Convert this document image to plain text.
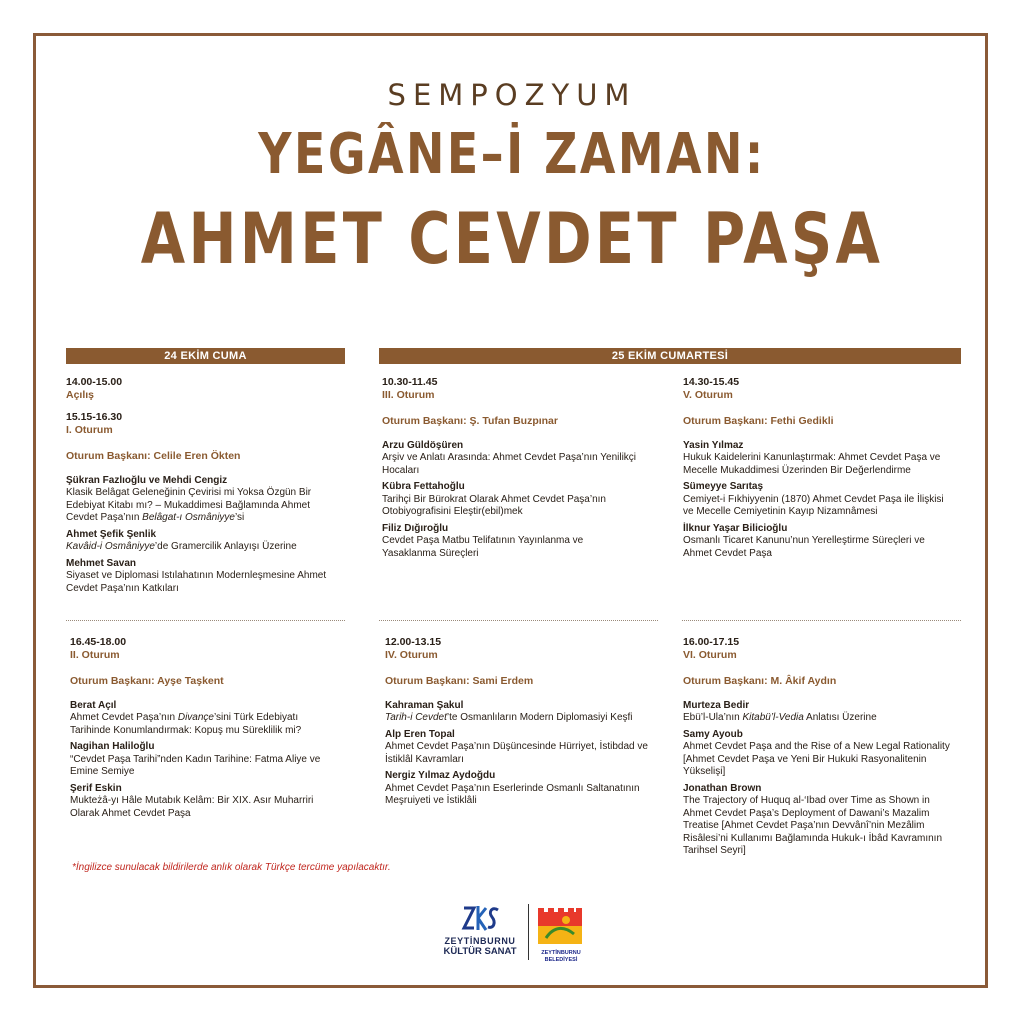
SEMPOZYUM
YEGÂNE–İ ZAMAN:
AHMET CEVDET PAŞA
24 EKİM CUMA	25 EKİM CUMARTESİ
14.00-15.00
Açılış
15.15-16.30
I. Oturum
Oturum Başkanı: Celile Eren Ökten
Şükran Fazlıoğlu ve Mehdi Cengiz
Klasik Belâgat Geleneğinin Çevirisi mi Yoksa Özgün Bir Edebiyat Kitabı mı? – Mukaddimesi Bağlamında Ahmet Cevdet Paşa’nın Belâgat-ı Osmâniyye’si
Ahmet Şefik Şenlik
Kavâid-i Osmâniyye’de Gramercilik Anlayışı Üzerine
Mehmet Savan
Siyaset ve Diplomasi Istılahatının Modernleşmesine Ahmet Cevdet Paşa’nın Katkıları
10.30-11.45
III. Oturum
Oturum Başkanı: Ş. Tufan Buzpınar
Arzu Güldöşüren
Arşiv ve Anlatı Arasında: Ahmet Cevdet Paşa’nın Yenilikçi Hocaları
Kübra Fettahoğlu
Tarihçi Bir Bürokrat Olarak Ahmet Cevdet Paşa’nın Otobiyografisini Eleştir(ebil)mek
Filiz Dığıroğlu
Cevdet Paşa Matbu Telifatının Yayınlanma ve Yasaklanma Süreçleri
14.30-15.45
V. Oturum
Oturum Başkanı: Fethi Gedikli
Yasin Yılmaz
Hukuk Kaidelerini Kanunlaştırmak: Ahmet Cevdet Paşa ve Mecelle Mukaddimesi Üzerinden Bir Değerlendirme
Sümeyye Sarıtaş
Cemiyet-i Fıkhiyyenin (1870) Ahmet Cevdet Paşa ile İlişkisi ve Mecelle Cemiyetinin Kayıp Nizamnâmesi
İlknur Yaşar Bilicioğlu
Osmanlı Ticaret Kanunu’nun Yerelleştirme Süreçleri ve Ahmet Cevdet Paşa
16.45-18.00
II. Oturum
Oturum Başkanı: Ayşe Taşkent
Berat Açıl
Ahmet Cevdet Paşa’nın Divançe’sini Türk Edebiyatı Tarihinde Konumlandırmak: Kopuş mu Süreklilik mi?
Nagihan Haliloğlu
“Cevdet Paşa Tarihi”nden Kadın Tarihine: Fatma Aliye ve Emine Semiye
Şerif Eskin
Mukteżâ-yı Hâle Mutabık Kelâm: Bir XIX. Asır Muharriri Olarak Ahmet Cevdet Paşa
12.00-13.15
IV. Oturum
Oturum Başkanı: Sami Erdem
Kahraman Şakul
Tarih-i Cevdet’te Osmanlıların Modern Diplomasiyi Keşfi
Alp Eren Topal
Ahmet Cevdet Paşa’nın Düşüncesinde Hürriyet, İstibdad ve İstiklâl Kavramları
Nergiz Yılmaz Aydoğdu
Ahmet Cevdet Paşa’nın Eserlerinde Osmanlı Saltanatının Meşruiyeti ve İstiklâli
16.00-17.15
VI. Oturum
Oturum Başkanı: M. Âkif Aydın
Murteza Bedir
Ebü’l-Ula’nın Kitabü’l-Vedia Anlatısı Üzerine
Samy Ayoub
Ahmet Cevdet Paşa and the Rise of a New Legal Rationality [Ahmet Cevdet Paşa ve Yeni Bir Hukuki Rasyonalitenin Yükselişi]
Jonathan Brown
The Trajectory of Huquq al-‘Ibad over Time as Shown in Ahmet Cevdet Paşa’s Deployment of Dawani’s Mazalim Treatise [Ahmet Cevdet Paşa’nın Devvânî’nin Mezâlim Risâlesi’ni Kullanımı Bağlamında Hukuk-ı İbâd Kavramının Tarihsel Seyri]
*İngilizce sunulacak bildirilerde anlık olarak Türkçe tercüme yapılacaktır.
ZEYTİNBURNU
KÜLTÜR SANAT	ZEYTİNBURNU
BELEDİYESİ
